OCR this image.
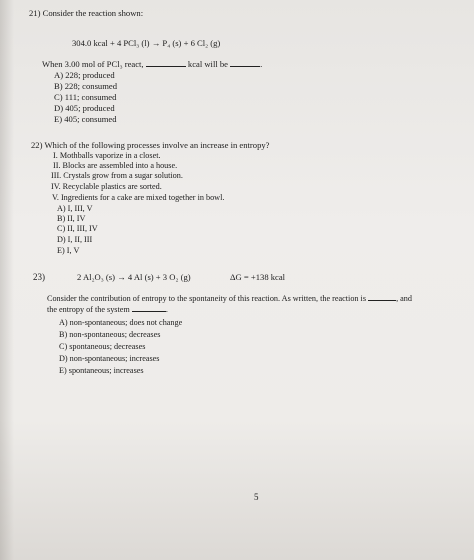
21) Consider the reaction shown:
304.0 kcal + 4 PCl₃ (l) → P₄ (s) + 6 Cl₂ (g)
When 3.00 mol of PCl₃ react,	kcal will be	.
A) 228; produced
B) 228; consumed
C) 111; consumed
D) 405; produced
E) 405; consumed
22) Which of the following processes involve an increase in entropy?
I. Mothballs vaporize in a closet.
II. Blocks are assembled into a house.
III. Crystals grow from a sugar solution.
IV. Recyclable plastics are sorted.
V. Ingredients for a cake are mixed together in bowl.
A) I, III, V
B) II, IV
C) II, III, IV
D) I, II, III
E) I, V
23)	2 Al₂O₃ (s) → 4 Al (s) + 3 O₂ (g)	ΔG = +138 kcal
Consider the contribution of entropy to the spontaneity of this reaction. As written, the reaction is	, and
the entropy of the system	.
A) non-spontaneous; does not change
B) non-spontaneous; decreases
C) spontaneous; decreases
D) non-spontaneous; increases
E) spontaneous; increases
5
